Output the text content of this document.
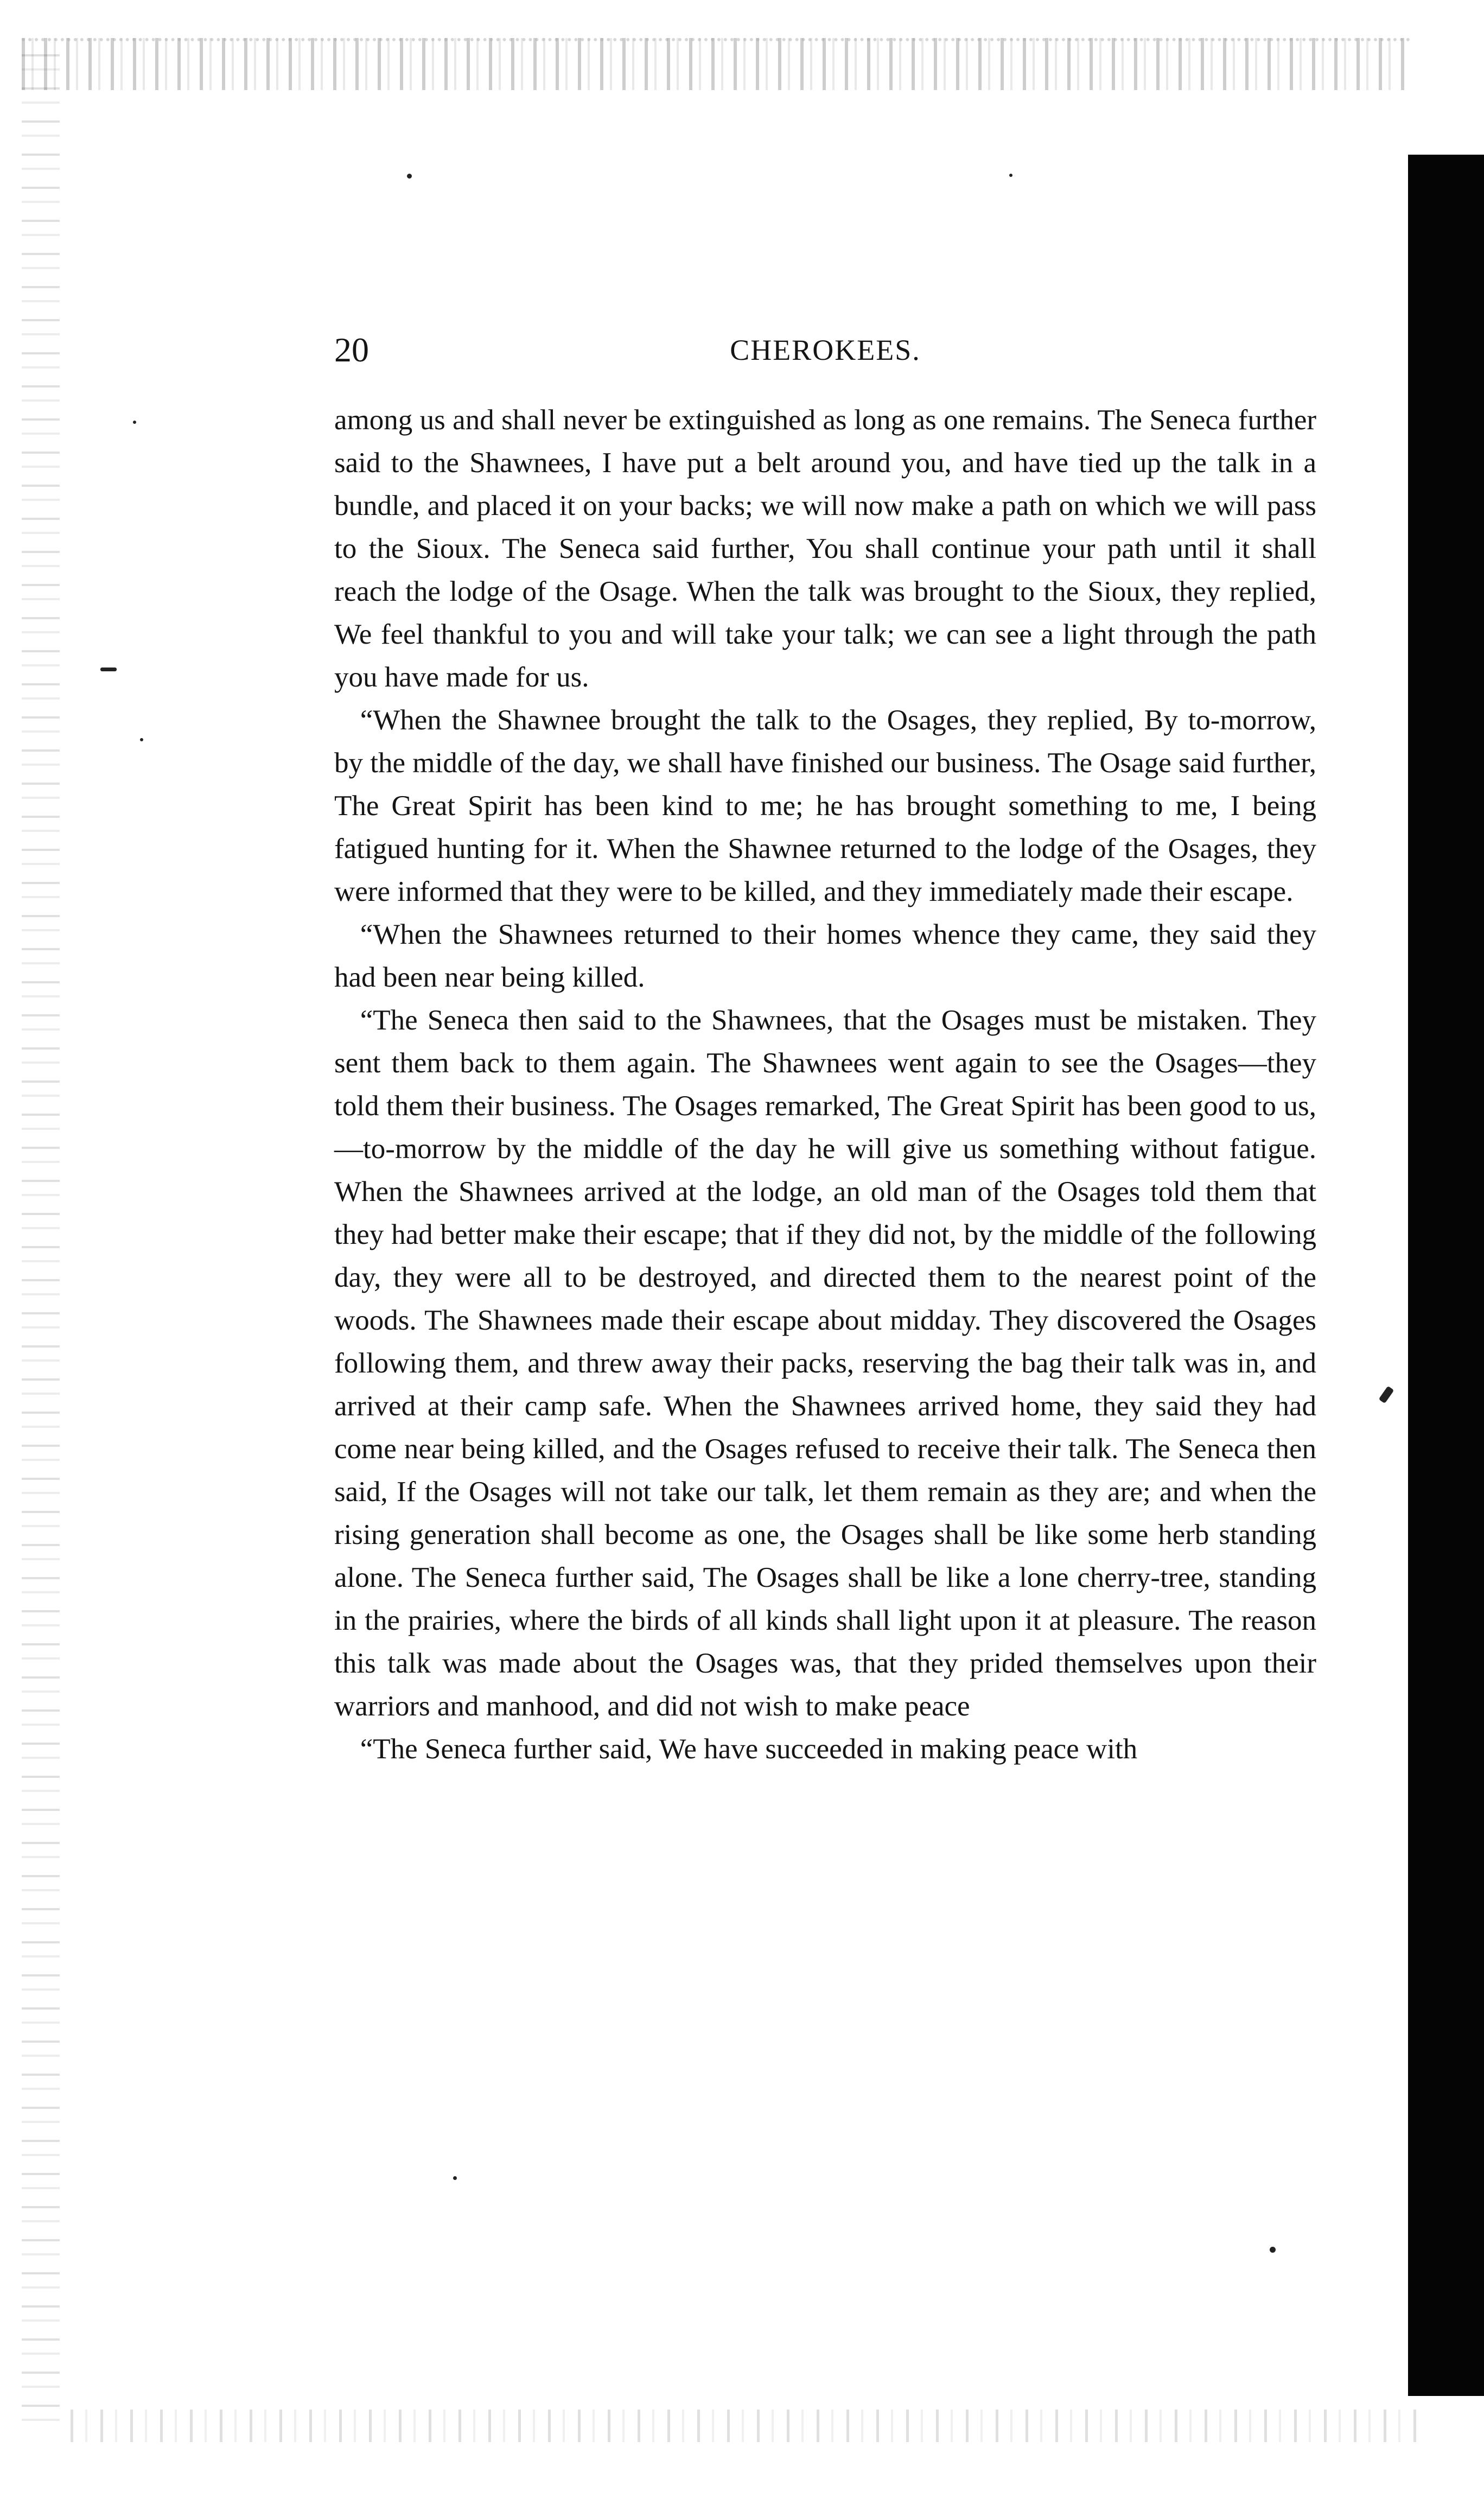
20	CHEROKEES.

among us and shall never be extinguished as long as one remains. The Seneca further said to the Shawnees, I have put a belt around you, and have tied up the talk in a bundle, and placed it on your backs; we will now make a path on which we will pass to the Sioux. The Seneca said further, You shall continue your path until it shall reach the lodge of the Osage. When the talk was brought to the Sioux, they replied, We feel thankful to you and will take your talk; we can see a light through the path you have made for us.

“When the Shawnee brought the talk to the Osages, they replied, By to-morrow, by the middle of the day, we shall have finished our business. The Osage said further, The Great Spirit has been kind to me; he has brought something to me, I being fatigued hunting for it. When the Shawnee returned to the lodge of the Osages, they were informed that they were to be killed, and they immediately made their escape.

“When the Shawnees returned to their homes whence they came, they said they had been near being killed.

“The Seneca then said to the Shawnees, that the Osages must be mistaken. They sent them back to them again. The Shawnees went again to see the Osages—they told them their business. The Osages remarked, The Great Spirit has been good to us,—to-morrow by the middle of the day he will give us something without fatigue. When the Shawnees arrived at the lodge, an old man of the Osages told them that they had better make their escape; that if they did not, by the middle of the following day, they were all to be destroyed, and directed them to the nearest point of the woods. The Shawnees made their escape about midday. They discovered the Osages following them, and threw away their packs, reserving the bag their talk was in, and arrived at their camp safe. When the Shawnees arrived home, they said they had come near being killed, and the Osages refused to receive their talk. The Seneca then said, If the Osages will not take our talk, let them remain as they are; and when the rising generation shall become as one, the Osages shall be like some herb standing alone. The Seneca further said, The Osages shall be like a lone cherry-tree, standing in the prairies, where the birds of all kinds shall light upon it at pleasure. The reason this talk was made about the Osages was, that they prided themselves upon their warriors and manhood, and did not wish to make peace

“The Seneca further said, We have succeeded in making peace with
